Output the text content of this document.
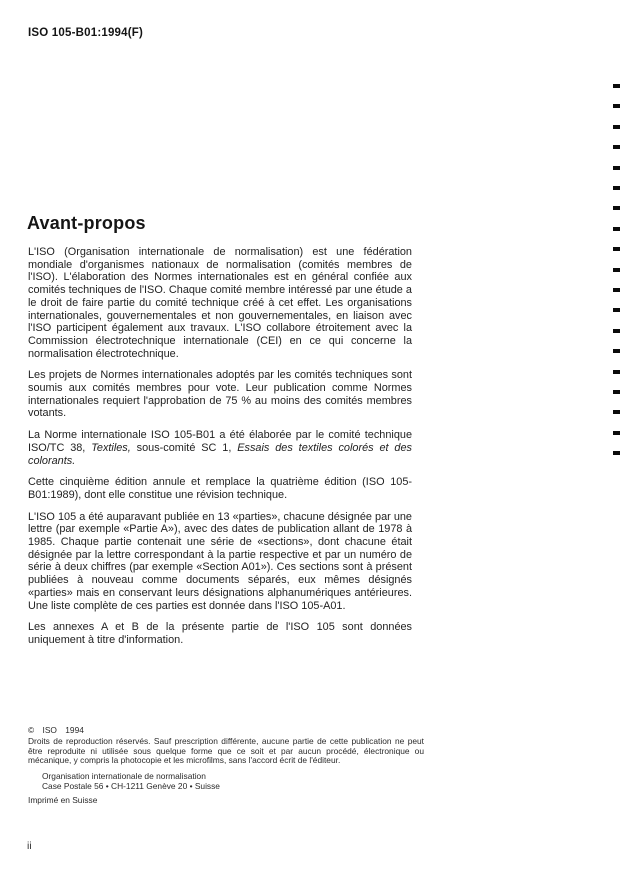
ISO 105-B01:1994(F)
Avant-propos

L'ISO (Organisation internationale de normalisation) est une fédération mondiale d'organismes nationaux de normalisation (comités membres de l'ISO). L'élaboration des Normes internationales est en général confiée aux comités techniques de l'ISO. Chaque comité membre intéressé par une étude a le droit de faire partie du comité technique créé à cet effet. Les organisations internationales, gouvernementales et non gouvernementales, en liaison avec l'ISO participent également aux travaux. L'ISO collabore étroitement avec la Commission électrotechnique internationale (CEI) en ce qui concerne la normalisation électrotechnique.

Les projets de Normes internationales adoptés par les comités techniques sont soumis aux comités membres pour vote. Leur publication comme Normes internationales requiert l'approbation de 75 % au moins des comités membres votants.

La Norme internationale ISO 105-B01 a été élaborée par le comité technique ISO/TC 38, Textiles, sous-comité SC 1, Essais des textiles colorés et des colorants.

Cette cinquième édition annule et remplace la quatrième édition (ISO 105-B01:1989), dont elle constitue une révision technique.

L'ISO 105 a été auparavant publiée en 13 «parties», chacune désignée par une lettre (par exemple «Partie A»), avec des dates de publication allant de 1978 à 1985. Chaque partie contenait une série de «sections», dont chacune était désignée par la lettre correspondant à la partie respective et par un numéro de série à deux chiffres (par exemple «Section A01»). Ces sections sont à présent publiées à nouveau comme documents séparés, eux mêmes désignés «parties» mais en conservant leurs désignations alphanumériques antérieures. Une liste complète de ces parties est donnée dans l'ISO 105-A01.

Les annexes A et B de la présente partie de l'ISO 105 sont données uniquement à titre d'information.

© ISO 1994

Droits de reproduction réservés. Sauf prescription différente, aucune partie de cette publication ne peut être reproduite ni utilisée sous quelque forme que ce soit et par aucun procédé, électronique ou mécanique, y compris la photocopie et les microfilms, sans l'accord écrit de l'éditeur.

Organisation internationale de normalisation
Case Postale 56 • CH-1211 Genève 20 • Suisse
Imprimé en Suisse
ii
